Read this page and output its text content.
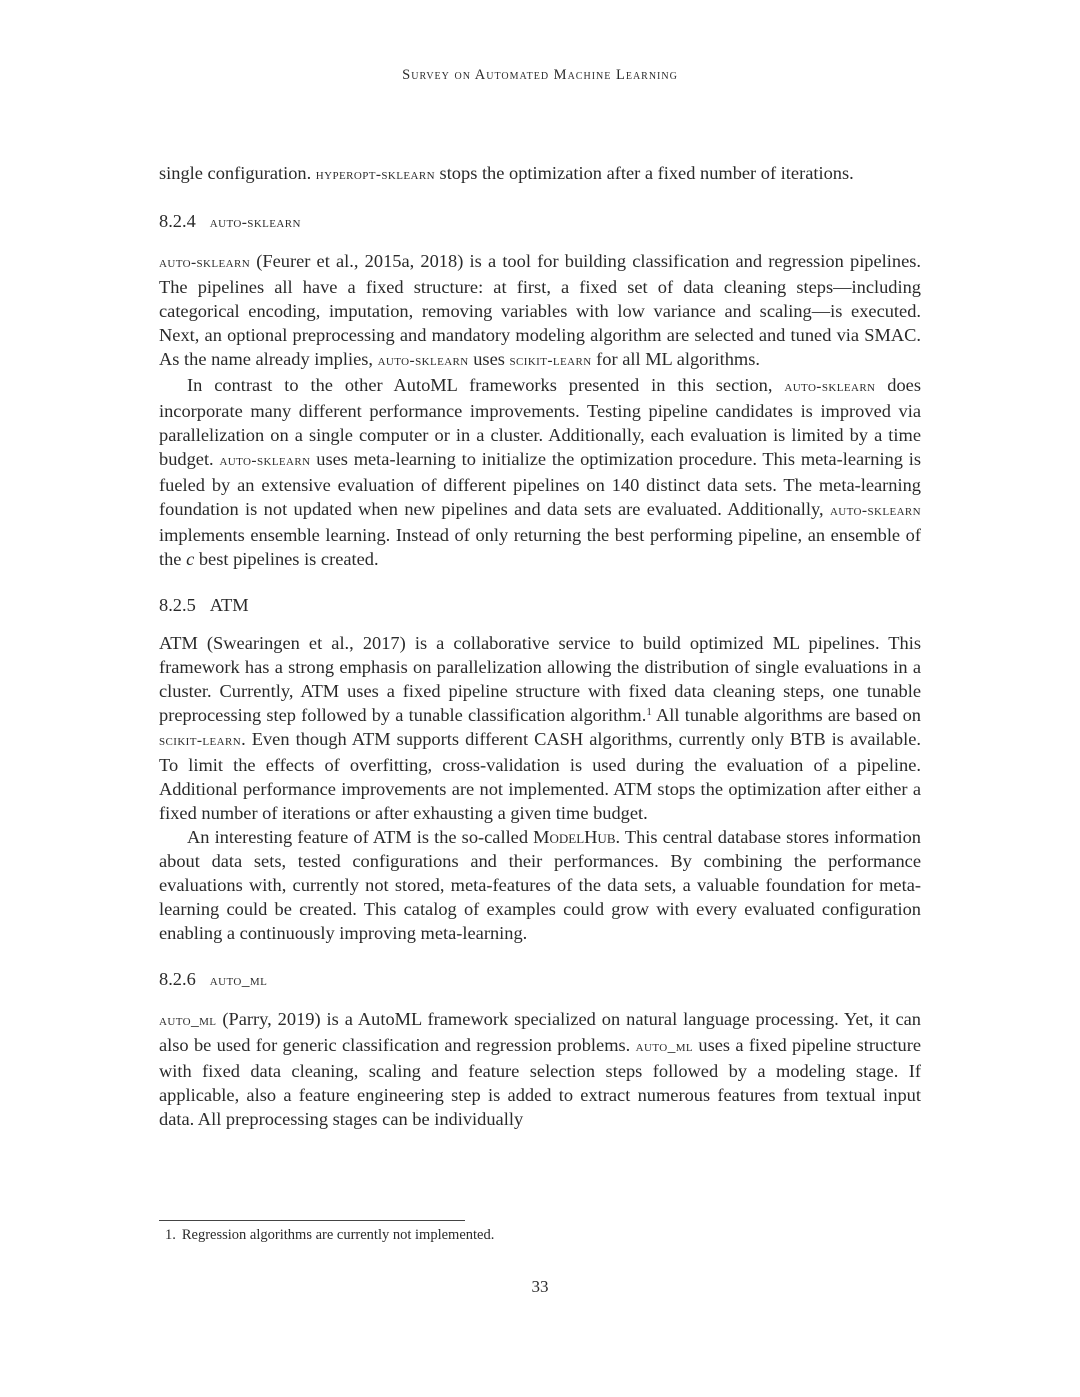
Survey on Automated Machine Learning

single configuration. hyperopt-sklearn stops the optimization after a fixed number of iterations.

8.2.4 auto-sklearn

auto-sklearn (Feurer et al., 2015a, 2018) is a tool for building classification and regression pipelines. The pipelines all have a fixed structure: at first, a fixed set of data cleaning steps—including categorical encoding, imputation, removing variables with low variance and scaling—is executed. Next, an optional preprocessing and mandatory modeling algorithm are selected and tuned via SMAC. As the name already implies, auto-sklearn uses scikit-learn for all ML algorithms.

In contrast to the other AutoML frameworks presented in this section, auto-sklearn does incorporate many different performance improvements. Testing pipeline candidates is improved via parallelization on a single computer or in a cluster. Additionally, each evaluation is limited by a time budget. auto-sklearn uses meta-learning to initialize the optimization procedure. This meta-learning is fueled by an extensive evaluation of different pipelines on 140 distinct data sets. The meta-learning foundation is not updated when new pipelines and data sets are evaluated. Additionally, auto-sklearn implements ensemble learning. Instead of only returning the best performing pipeline, an ensemble of the c best pipelines is created.

8.2.5 ATM

ATM (Swearingen et al., 2017) is a collaborative service to build optimized ML pipelines. This framework has a strong emphasis on parallelization allowing the distribution of single evaluations in a cluster. Currently, ATM uses a fixed pipeline structure with fixed data cleaning steps, one tunable preprocessing step followed by a tunable classification algorithm.$^1$ All tunable algorithms are based on scikit-learn. Even though ATM supports different CASH algorithms, currently only BTB is available. To limit the effects of overfitting, cross-validation is used during the evaluation of a pipeline. Additional performance improvements are not implemented. ATM stops the optimization after either a fixed number of iterations or after exhausting a given time budget.

An interesting feature of ATM is the so-called ModelHub. This central database stores information about data sets, tested configurations and their performances. By combining the performance evaluations with, currently not stored, meta-features of the data sets, a valuable foundation for meta-learning could be created. This catalog of examples could grow with every evaluated configuration enabling a continuously improving meta-learning.

8.2.6 auto_ml

auto_ml (Parry, 2019) is a AutoML framework specialized on natural language processing. Yet, it can also be used for generic classification and regression problems. auto_ml uses a fixed pipeline structure with fixed data cleaning, scaling and feature selection steps followed by a modeling stage. If applicable, also a feature engineering step is added to extract numerous features from textual input data. All preprocessing stages can be individually

1. Regression algorithms are currently not implemented.
33
